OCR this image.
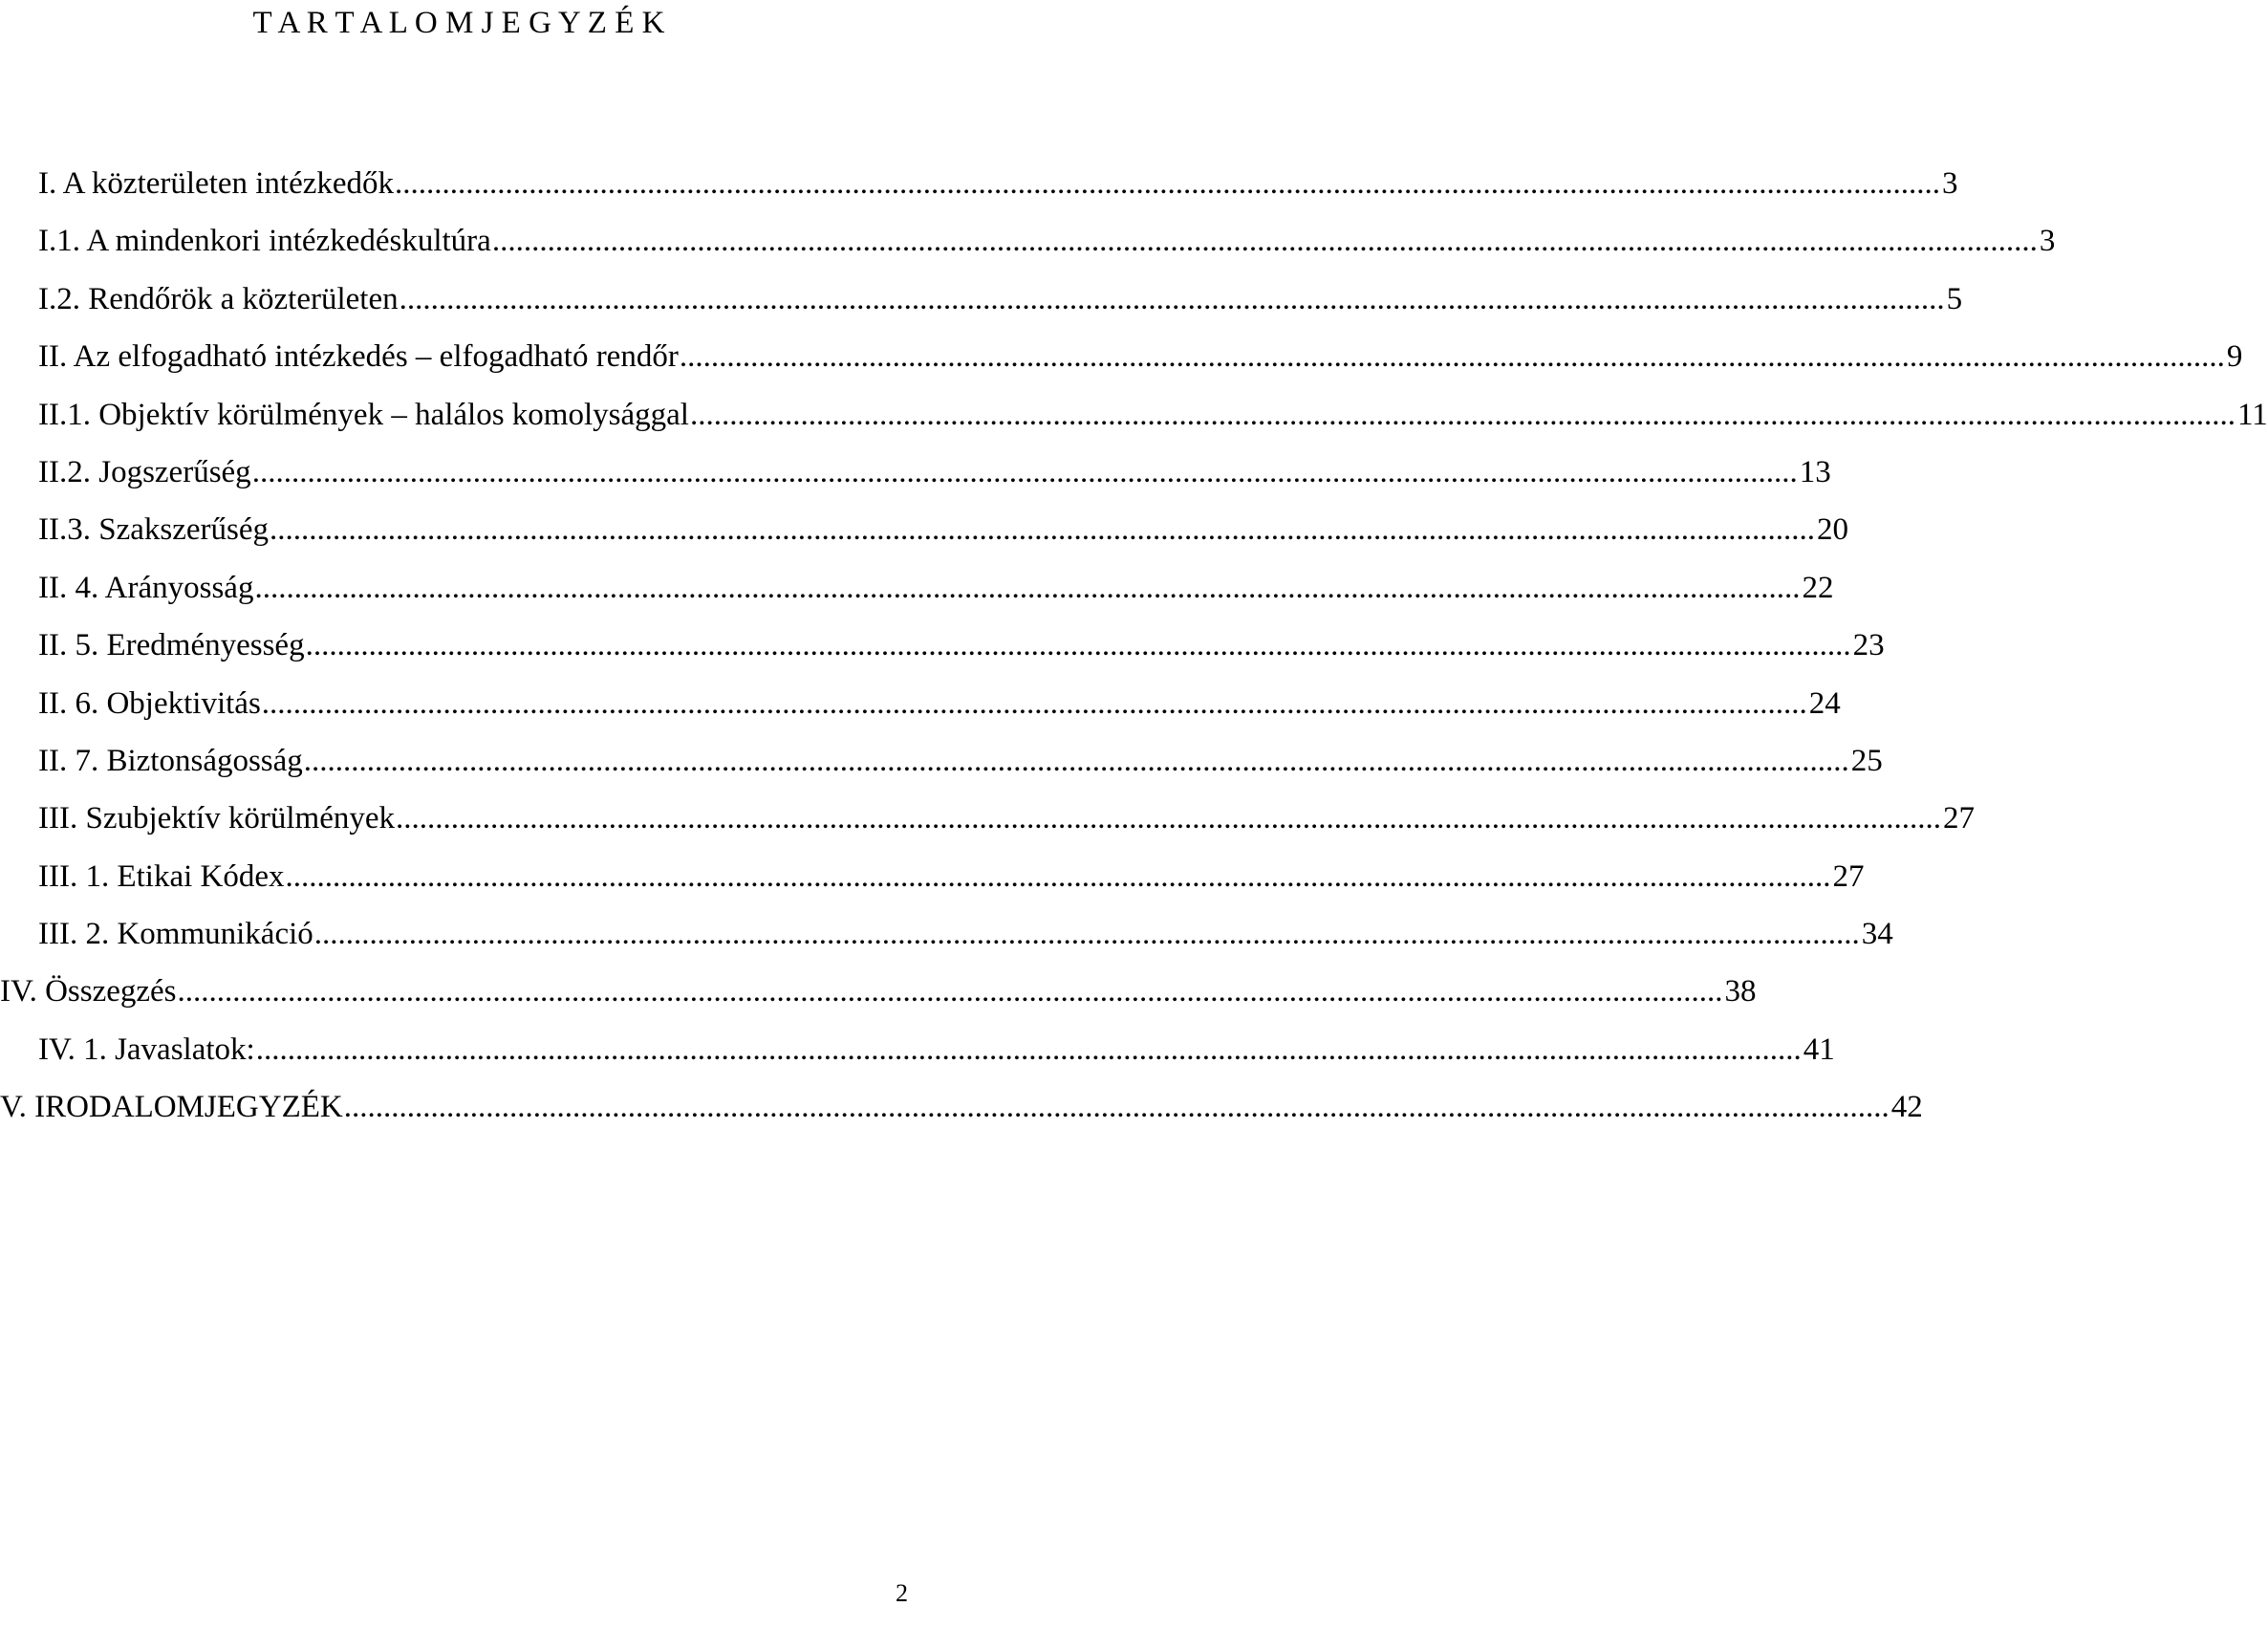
T A R T A L O M J E G Y Z É K
I. A közterületen intézkedők .................................................................................................................................................................................................... 3
I.1. A mindenkori intézkedéskultúra .................................................................................................................................................................................................... 3
I.2. Rendőrök a közterületen .................................................................................................................................................................................................... 5
II. Az elfogadható intézkedés – elfogadható rendőr .................................................................................................................................................................................................... 9
II.1. Objektív körülmények – halálos komolysággal .................................................................................................................................................................................................... 11
II.2. Jogszerűség .................................................................................................................................................................................................... 13
II.3. Szakszerűség .................................................................................................................................................................................................... 20
II. 4. Arányosság .................................................................................................................................................................................................... 22
II. 5. Eredményesség .................................................................................................................................................................................................... 23
II. 6. Objektivitás .................................................................................................................................................................................................... 24
II. 7. Biztonságosság .................................................................................................................................................................................................... 25
III. Szubjektív körülmények .................................................................................................................................................................................................... 27
III. 1. Etikai Kódex .................................................................................................................................................................................................... 27
III. 2. Kommunikáció .................................................................................................................................................................................................... 34
IV. Összegzés .................................................................................................................................................................................................... 38
IV. 1. Javaslatok: .................................................................................................................................................................................................... 41
V. IRODALOMJEGYZÉK .................................................................................................................................................................................................... 42
2
